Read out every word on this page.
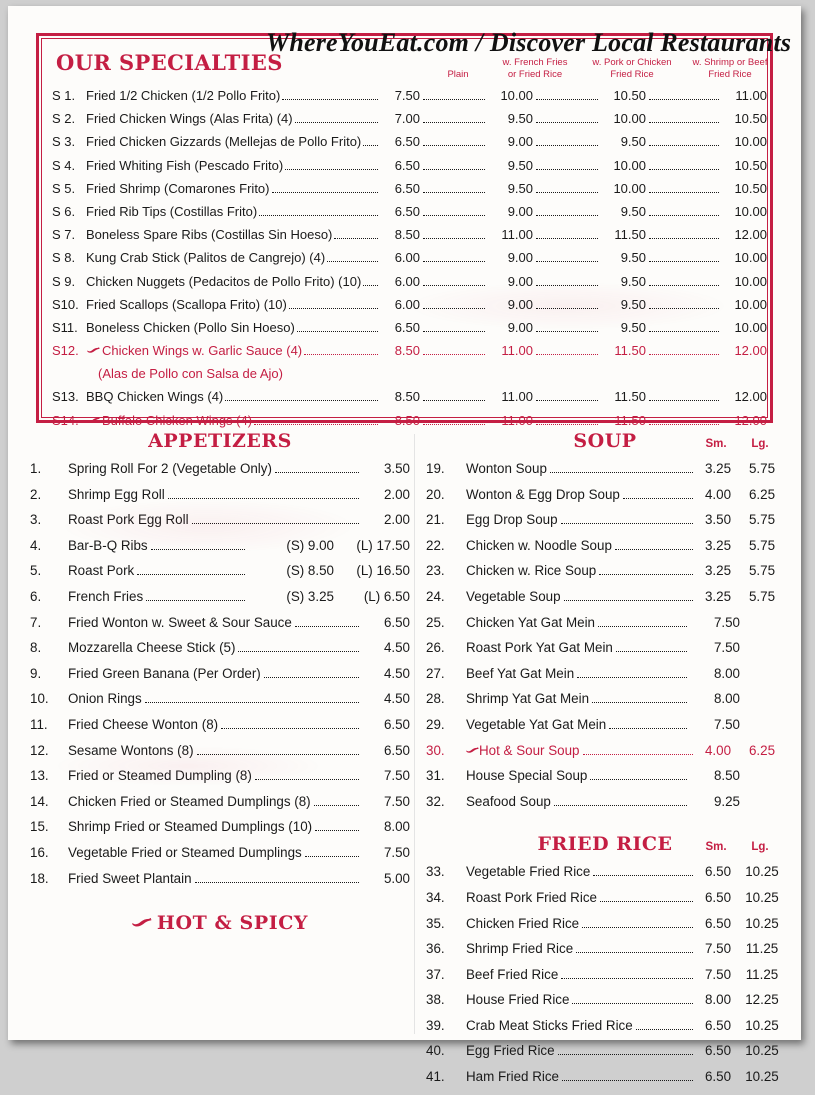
WhereYouEat.com / Discover Local Restaurants
OUR SPECIALTIES	Plain
w. French Fries
or Fried Rice
w. Pork or Chicken
Fried Rice
w. Shrimp or Beef
Fried Rice
S 1. Fried 1/2 Chicken (1/2 Pollo Frito)	7.50	10.00	10.50	11.00
S 2. Fried Chicken Wings (Alas Frita) (4)	7.00	9.50	10.00	10.50
S 3. Fried Chicken Gizzards (Mellejas de Pollo Frito)	6.50	9.00	9.50	10.00
S 4. Fried Whiting Fish (Pescado Frito)	6.50	9.50	10.00	10.50
S 5. Fried Shrimp (Comarones Frito)	6.50	9.50	10.00	10.50
S 6. Fried Rib Tips (Costillas Frito)	6.50	9.00	9.50	10.00
S 7. Boneless Spare Ribs (Costillas Sin Hoeso)	8.50	11.00	11.50	12.00
S 8. Kung Crab Stick (Palitos de Cangrejo) (4)	6.00	9.00	9.50	10.00
S 9. Chicken Nuggets (Pedacitos de Pollo Frito) (10)	6.00	9.00	9.50	10.00
S10. Fried Scallops (Scallopa Frito) (10)	6.00	9.00	9.50	10.00
S11. Boneless Chicken (Pollo Sin Hoeso)	6.50	9.00	9.50	10.00
S12.	Chicken Wings w. Garlic Sauce (4)	8.50	11.00	11.50	12.00
(Alas de Pollo con Salsa de Ajo)
S13. BBQ Chicken Wings (4)	8.50	11.00	11.50	12.00
S14.	Buffalo Chicken Wings (4)	8.50	11.00	11.50	12.00
APPETIZERS
1.	Spring Roll For 2 (Vegetable Only)	3.50
2.	Shrimp Egg Roll	2.00
3.	Roast Pork Egg Roll	2.00
4.	Bar-B-Q Ribs	(S) 9.00	(L) 17.50
5.	Roast Pork	(S) 8.50	(L) 16.50
6.	French Fries	(S) 3.25	(L) 6.50
7.	Fried Wonton w. Sweet & Sour Sauce	6.50
8.	Mozzarella Cheese Stick (5)	4.50
9.	Fried Green Banana (Per Order)	4.50
10.	Onion Rings	4.50
11.	Fried Cheese Wonton (8)	6.50
12.	Sesame Wontons (8)	6.50
13.	Fried or Steamed Dumpling (8)	7.50
14.	Chicken Fried or Steamed Dumplings (8)	7.50
15.	Shrimp Fried or Steamed Dumplings (10)	8.00
16.	Vegetable Fried or Steamed Dumplings	7.50
18.	Fried Sweet Plantain	5.00
HOT & SPICY
SOUP	Sm. Lg.
19.	Wonton Soup	3.25	5.75
20.	Wonton & Egg Drop Soup	4.00	6.25
21.	Egg Drop Soup	3.50	5.75
22.	Chicken w. Noodle Soup	3.25	5.75
23.	Chicken w. Rice Soup	3.25	5.75
24.	Vegetable Soup	3.25	5.75
25.	Chicken Yat Gat Mein	7.50
26.	Roast Pork Yat Gat Mein	7.50
27.	Beef Yat Gat Mein	8.00
28.	Shrimp Yat Gat Mein	8.00
29.	Vegetable Yat Gat Mein	7.50
30.	Hot & Sour Soup	4.00	6.25
31.	House Special Soup	8.50
32.	Seafood Soup	9.25
FRIED RICE	Sm. Lg.
33.	Vegetable Fried Rice	6.50	10.25
34.	Roast Pork Fried Rice	6.50	10.25
35.	Chicken Fried Rice	6.50	10.25
36.	Shrimp Fried Rice	7.50	11.25
37.	Beef Fried Rice	7.50	11.25
38.	House Fried Rice	8.00	12.25
39.	Crab Meat Sticks Fried Rice	6.50	10.25
40.	Egg Fried Rice	6.50	10.25
41.	Ham Fried Rice	6.50	10.25
